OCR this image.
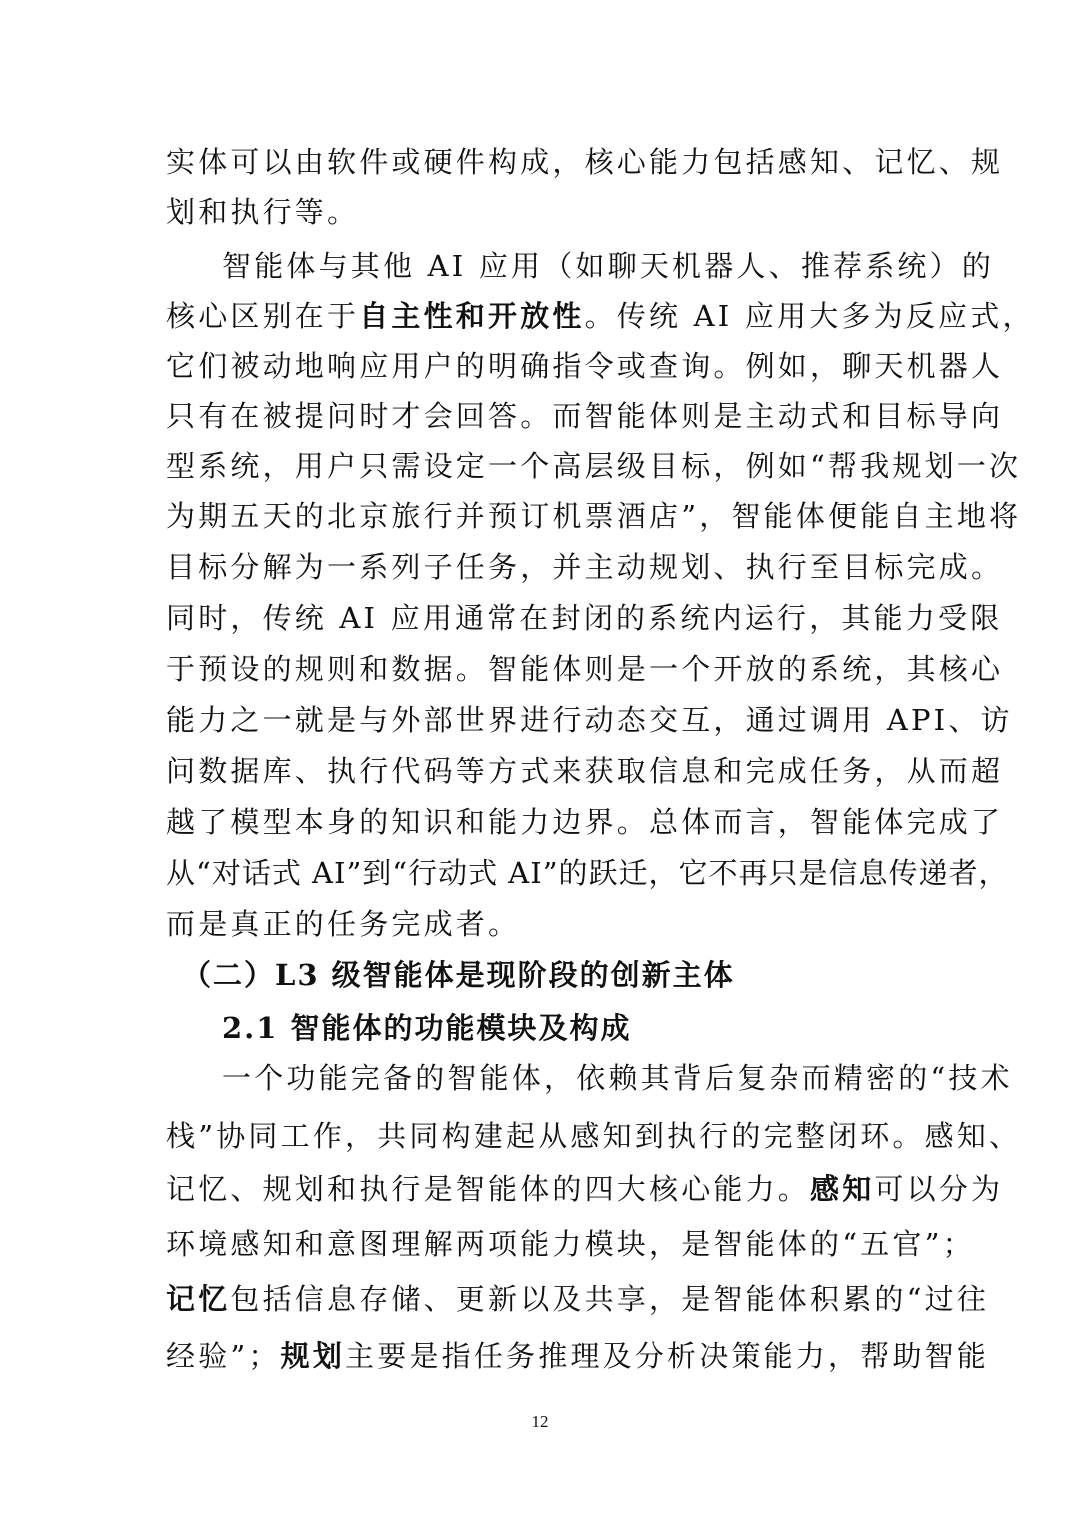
实体可以由软件或硬件构成，核心能力包括感知、记忆、规
划和执行等。
智能体与其他 AI 应用（如聊天机器人、推荐系统）的
核心区别在于自主性和开放性。传统 AI 应用大多为反应式，
它们被动地响应用户的明确指令或查询。例如，聊天机器人
只有在被提问时才会回答。而智能体则是主动式和目标导向
型系统，用户只需设定一个高层级目标，例如“帮我规划一次
为期五天的北京旅行并预订机票酒店”，智能体便能自主地将
目标分解为一系列子任务，并主动规划、执行至目标完成。
同时，传统 AI 应用通常在封闭的系统内运行，其能力受限
于预设的规则和数据。智能体则是一个开放的系统，其核心
能力之一就是与外部世界进行动态交互，通过调用 API、访
问数据库、执行代码等方式来获取信息和完成任务，从而超
越了模型本身的知识和能力边界。总体而言，智能体完成了
从“对话式 AI”到“行动式 AI”的跃迁，它不再只是信息传递者，
而是真正的任务完成者。
（二）L3 级智能体是现阶段的创新主体
2.1 智能体的功能模块及构成
一个功能完备的智能体，依赖其背后复杂而精密的“技术
栈”协同工作，共同构建起从感知到执行的完整闭环。感知、
记忆、规划和执行是智能体的四大核心能力。感知可以分为
环境感知和意图理解两项能力模块，是智能体的“五官”；
记忆包括信息存储、更新以及共享，是智能体积累的“过往
经验”；规划主要是指任务推理及分析决策能力，帮助智能
12
